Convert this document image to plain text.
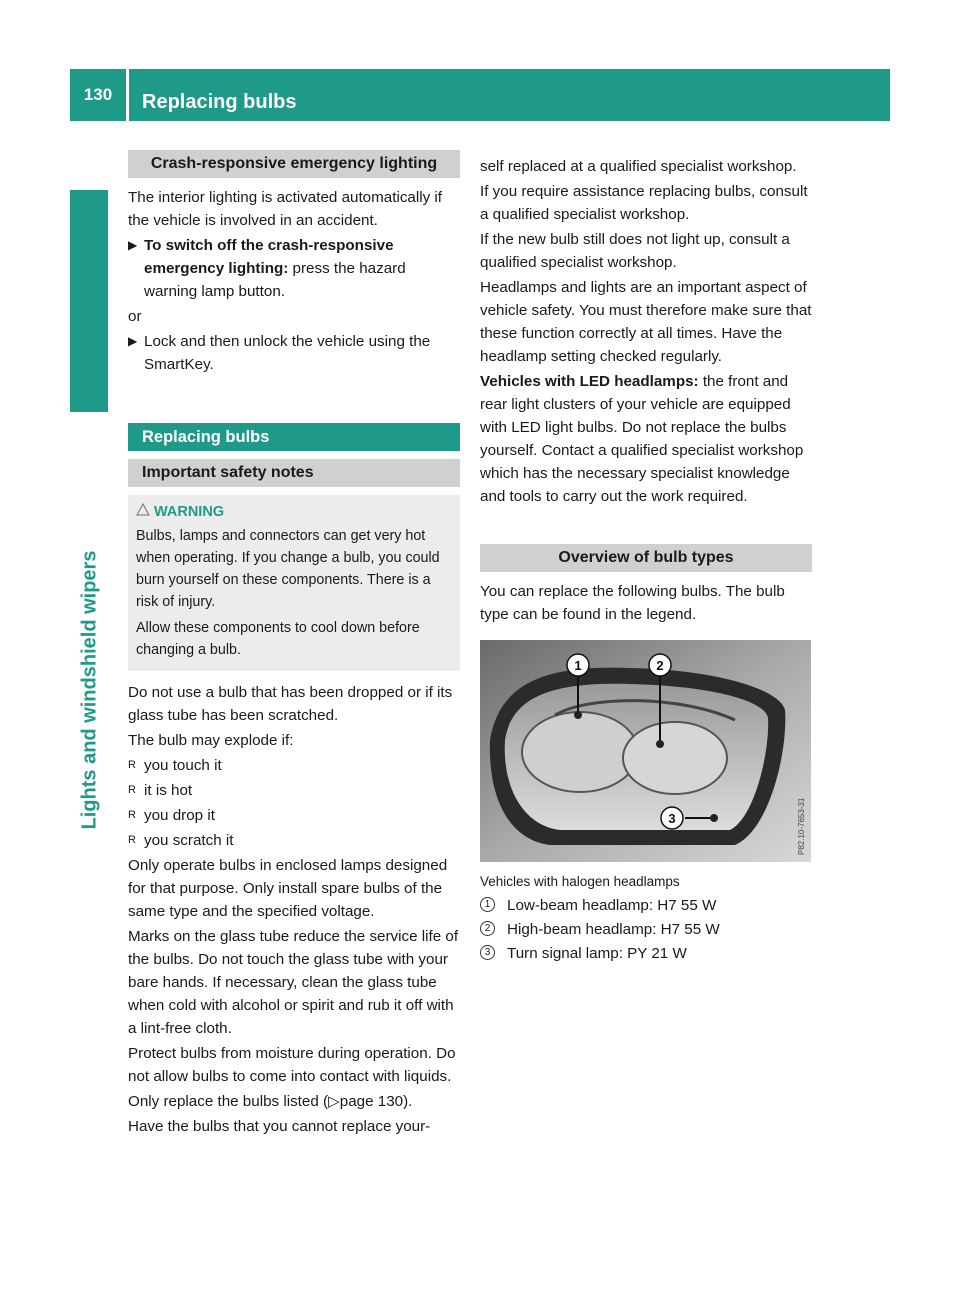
130	Replacing bulbs
Lights and windshield wipers
Crash-responsive emergency lighting

The interior lighting is activated automatically if the vehicle is involved in an accident.

▶ To switch off the crash-responsive emergency lighting: press the hazard warning lamp button.

or

▶ Lock and then unlock the vehicle using the SmartKey.
Replacing bulbs
Important safety notes
WARNING

Bulbs, lamps and connectors can get very hot when operating. If you change a bulb, you could burn yourself on these components. There is a risk of injury.

Allow these components to cool down before changing a bulb.

Do not use a bulb that has been dropped or if its glass tube has been scratched.

The bulb may explode if:

R you touch it
R it is hot
R you drop it
R you scratch it

Only operate bulbs in enclosed lamps designed for that purpose. Only install spare bulbs of the same type and the specified voltage.

Marks on the glass tube reduce the service life of the bulbs. Do not touch the glass tube with your bare hands. If necessary, clean the glass tube when cold with alcohol or spirit and rub it off with a lint-free cloth.

Protect bulbs from moisture during operation. Do not allow bulbs to come into contact with liquids.

Only replace the bulbs listed (▷page 130).

Have the bulbs that you cannot replace your-

self replaced at a qualified specialist workshop.

If you require assistance replacing bulbs, consult a qualified specialist workshop.

If the new bulb still does not light up, consult a qualified specialist workshop.

Headlamps and lights are an important aspect of vehicle safety. You must therefore make sure that these function correctly at all times. Have the headlamp setting checked regularly.

Vehicles with LED headlamps: the front and rear light clusters of your vehicle are equipped with LED light bulbs. Do not replace the bulbs yourself. Contact a qualified specialist workshop which has the necessary specialist knowledge and tools to carry out the work required.

Overview of bulb types

You can replace the following bulbs. The bulb type can be found in the legend.

1	2
3	P82.10-7653-31

Vehicles with halogen headlamps

1	Low-beam headlamp: H7 55 W
2	High-beam headlamp: H7 55 W
3	Turn signal lamp: PY 21 W
